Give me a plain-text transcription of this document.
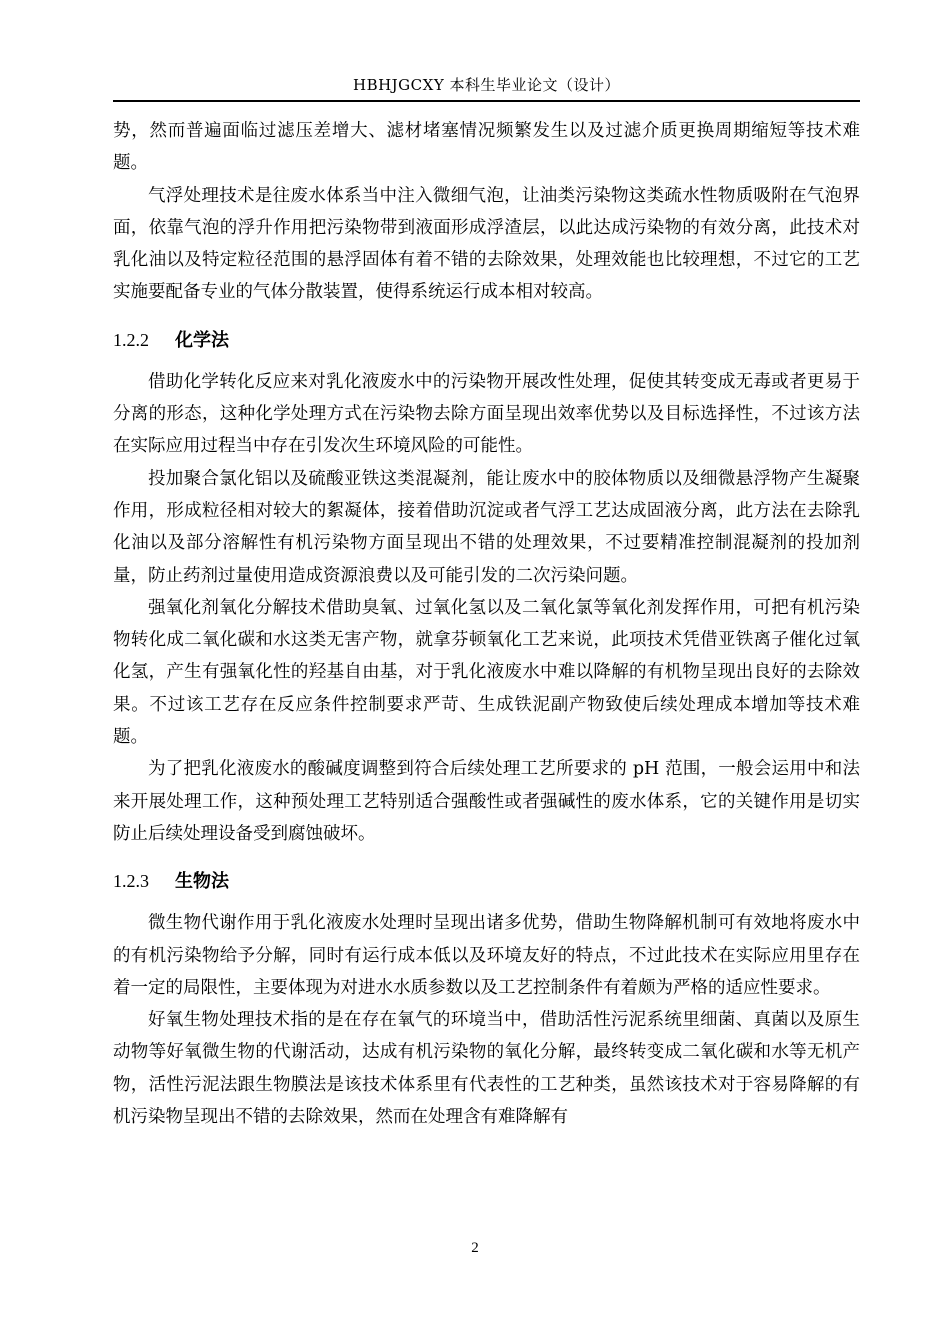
HBHJGCXY 本科生毕业论文（设计）

势，然而普遍面临过滤压差增大、滤材堵塞情况频繁发生以及过滤介质更换周期缩短等技术难题。

气浮处理技术是往废水体系当中注入微细气泡，让油类污染物这类疏水性物质吸附在气泡界面，依靠气泡的浮升作用把污染物带到液面形成浮渣层，以此达成污染物的有效分离，此技术对乳化油以及特定粒径范围的悬浮固体有着不错的去除效果，处理效能也比较理想，不过它的工艺实施要配备专业的气体分散装置，使得系统运行成本相对较高。

1.2.2 化学法

借助化学转化反应来对乳化液废水中的污染物开展改性处理，促使其转变成无毒或者更易于分离的形态，这种化学处理方式在污染物去除方面呈现出效率优势以及目标选择性，不过该方法在实际应用过程当中存在引发次生环境风险的可能性。

投加聚合氯化铝以及硫酸亚铁这类混凝剂，能让废水中的胶体物质以及细微悬浮物产生凝聚作用，形成粒径相对较大的絮凝体，接着借助沉淀或者气浮工艺达成固液分离，此方法在去除乳化油以及部分溶解性有机污染物方面呈现出不错的处理效果，不过要精准控制混凝剂的投加剂量，防止药剂过量使用造成资源浪费以及可能引发的二次污染问题。

强氧化剂氧化分解技术借助臭氧、过氧化氢以及二氧化氯等氧化剂发挥作用，可把有机污染物转化成二氧化碳和水这类无害产物，就拿芬顿氧化工艺来说，此项技术凭借亚铁离子催化过氧化氢，产生有强氧化性的羟基自由基，对于乳化液废水中难以降解的有机物呈现出良好的去除效果。不过该工艺存在反应条件控制要求严苛、生成铁泥副产物致使后续处理成本增加等技术难题。

为了把乳化液废水的酸碱度调整到符合后续处理工艺所要求的 pH 范围，一般会运用中和法来开展处理工作，这种预处理工艺特别适合强酸性或者强碱性的废水体系，它的关键作用是切实防止后续处理设备受到腐蚀破坏。

1.2.3 生物法

微生物代谢作用于乳化液废水处理时呈现出诸多优势，借助生物降解机制可有效地将废水中的有机污染物给予分解，同时有运行成本低以及环境友好的特点，不过此技术在实际应用里存在着一定的局限性，主要体现为对进水水质参数以及工艺控制条件有着颇为严格的适应性要求。

好氧生物处理技术指的是在存在氧气的环境当中，借助活性污泥系统里细菌、真菌以及原生动物等好氧微生物的代谢活动，达成有机污染物的氧化分解，最终转变成二氧化碳和水等无机产物，活性污泥法跟生物膜法是该技术体系里有代表性的工艺种类，虽然该技术对于容易降解的有机污染物呈现出不错的去除效果，然而在处理含有难降解有

2
